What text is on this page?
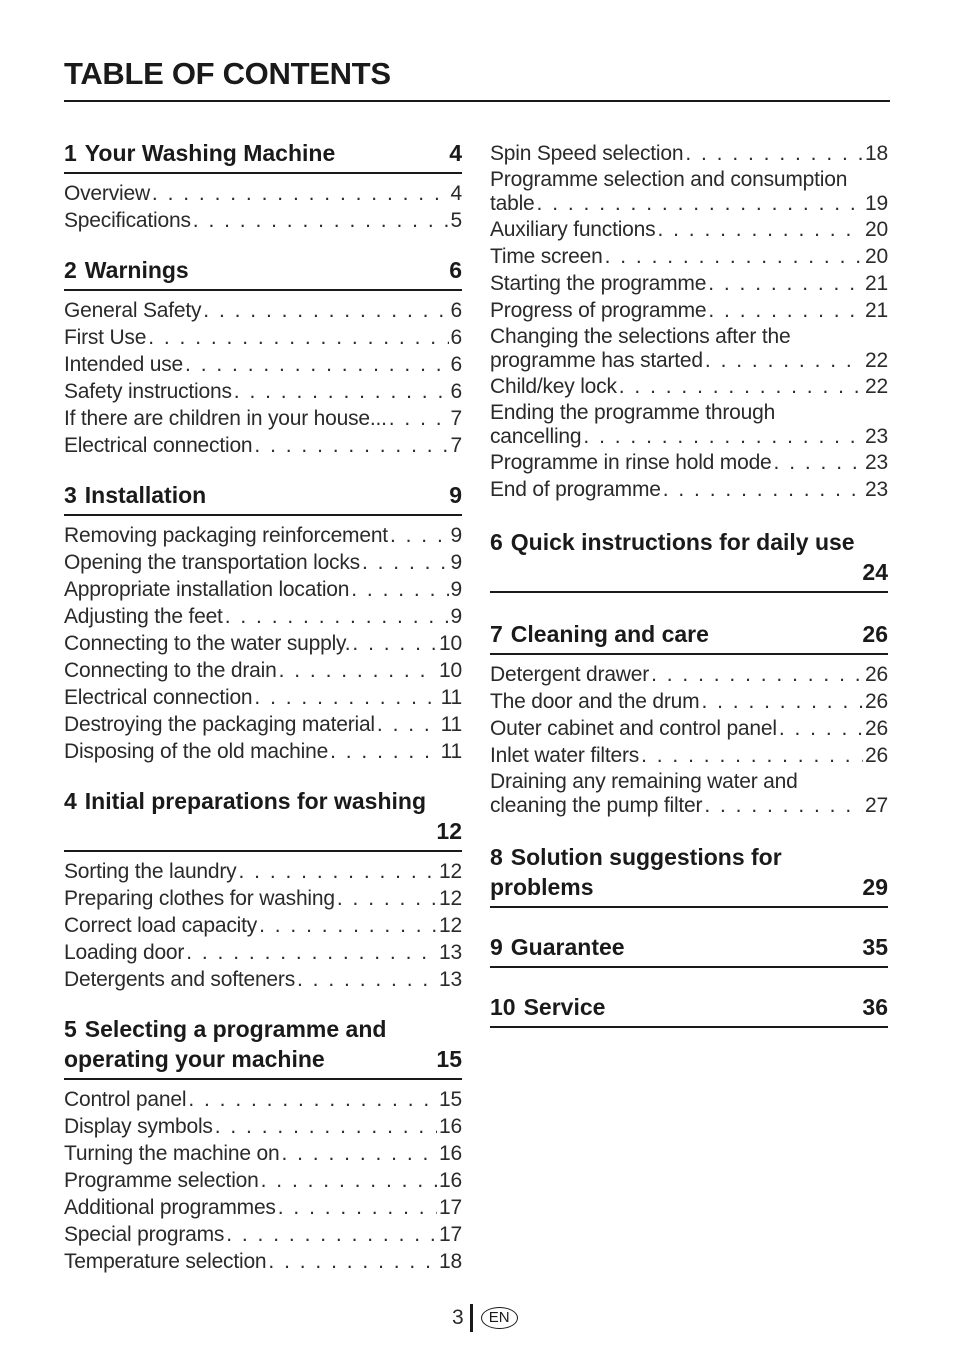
TABLE OF CONTENTS
1 Your Washing Machine	4
Overview . . .	4
Specifications . . .	5
2 Warnings	6
General Safety . . .	6
First Use . . .	6
Intended use . . .	6
Safety instructions . . .	6
If there are children in your house... . . .	7
Electrical connection . . .	7
3 Installation	9
Removing packaging reinforcement . . .	9
Opening the transportation locks . . .	9
Appropriate installation location . . .	9
Adjusting the feet . . .	9
Connecting to the water supply. . . .	10
Connecting to the drain . . .	10
Electrical connection . . .	11
Destroying the packaging material . . .	11
Disposing of the old machine . . .	11
4 Initial preparations for washing
12
Sorting the laundry . . .	12
Preparing clothes for washing . . .	12
Correct load capacity . . .	12
Loading door . . .	13
Detergents and softeners . . .	13
5 Selecting a programme and
operating your machine	15
Control panel . . .	15
Display symbols . . .	16
Turning the machine on . . .	16
Programme selection . . .	16
Additional programmes . . .	17
Special programs . . .	17
Temperature selection . . .	18
Spin Speed selection . . .	18
Programme selection and consumption
table . . .	19
Auxiliary functions . . .	20
Time screen . . .	20
Starting the programme . . .	21
Progress of programme . . .	21
Changing the selections after the
programme has started . . .	22
Child/key lock . . .	22
Ending the programme through
cancelling . . .	23
Programme in rinse hold mode . . .	23
End of programme . . .	23
6 Quick instructions for daily use
24
7 Cleaning and care	26
Detergent drawer . . .	26
The door and the drum . . .	26
Outer cabinet and control panel . . .	26
Inlet water filters . . .	26
Draining any remaining water and
cleaning the pump filter . . .	27
8 Solution suggestions for
problems	29
9 Guarantee	35
10 Service	36
3	EN
